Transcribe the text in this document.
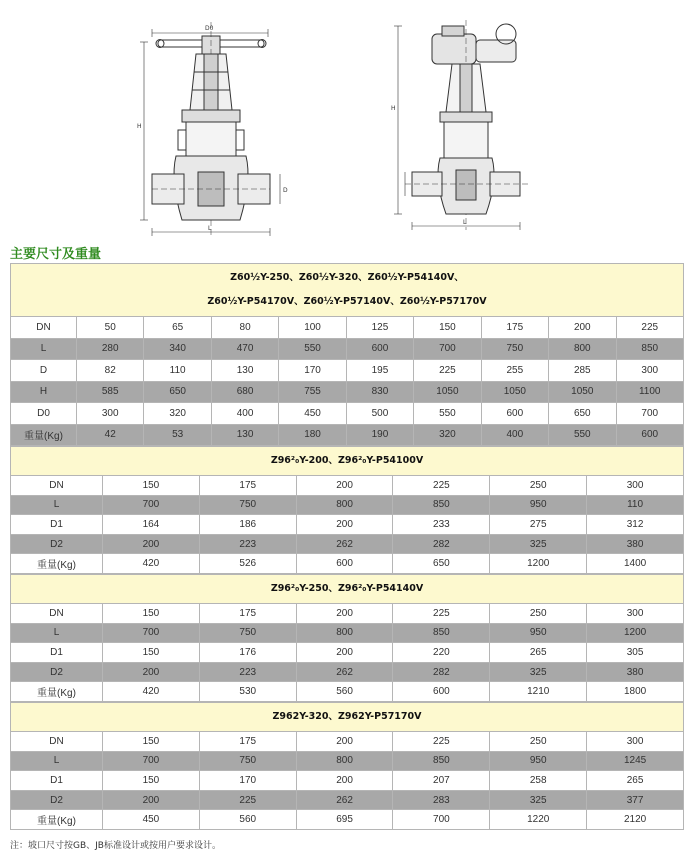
D0
H
D
L
H
L
主要尺寸及重量
Z60½Y-250、Z60½Y-320、Z60½Y-P54140V、
Z60½Y-P54170V、Z60½Y-P57140V、Z60½Y-P57170V									

DN	50	65	80	100	125	150	175	200	225
L	280	340	470	550	600	700	750	800	850
D	82	110	130	170	195	225	255	285	300
H	585	650	680	755	830	1050	1050	1050	1100
D0	300	320	400	450	500	550	600	650	700
重量(Kg)	42	53	130	180	190	320	400	550	600
Z96²₀Y-200、Z96²₀Y-P54100V						

DN	150	175	200	225	250	300
L	700	750	800	850	950	110
D1	164	186	200	233	275	312
D2	200	223	262	282	325	380
重量(Kg)	420	526	600	650	1200	1400
Z96²₀Y-250、Z96²₀Y-P54140V						

DN	150	175	200	225	250	300
L	700	750	800	850	950	1200
D1	150	176	200	220	265	305
D2	200	223	262	282	325	380
重量(Kg)	420	530	560	600	1210	1800
Z962Y-320、Z962Y-P57170V						

DN	150	175	200	225	250	300
L	700	750	800	850	950	1245
D1	150	170	200	207	258	265
D2	200	225	262	283	325	377
重量(Kg)	450	560	695	700	1220	2120
注：坡口尺寸按GB、JB标准设计或按用户要求设计。
